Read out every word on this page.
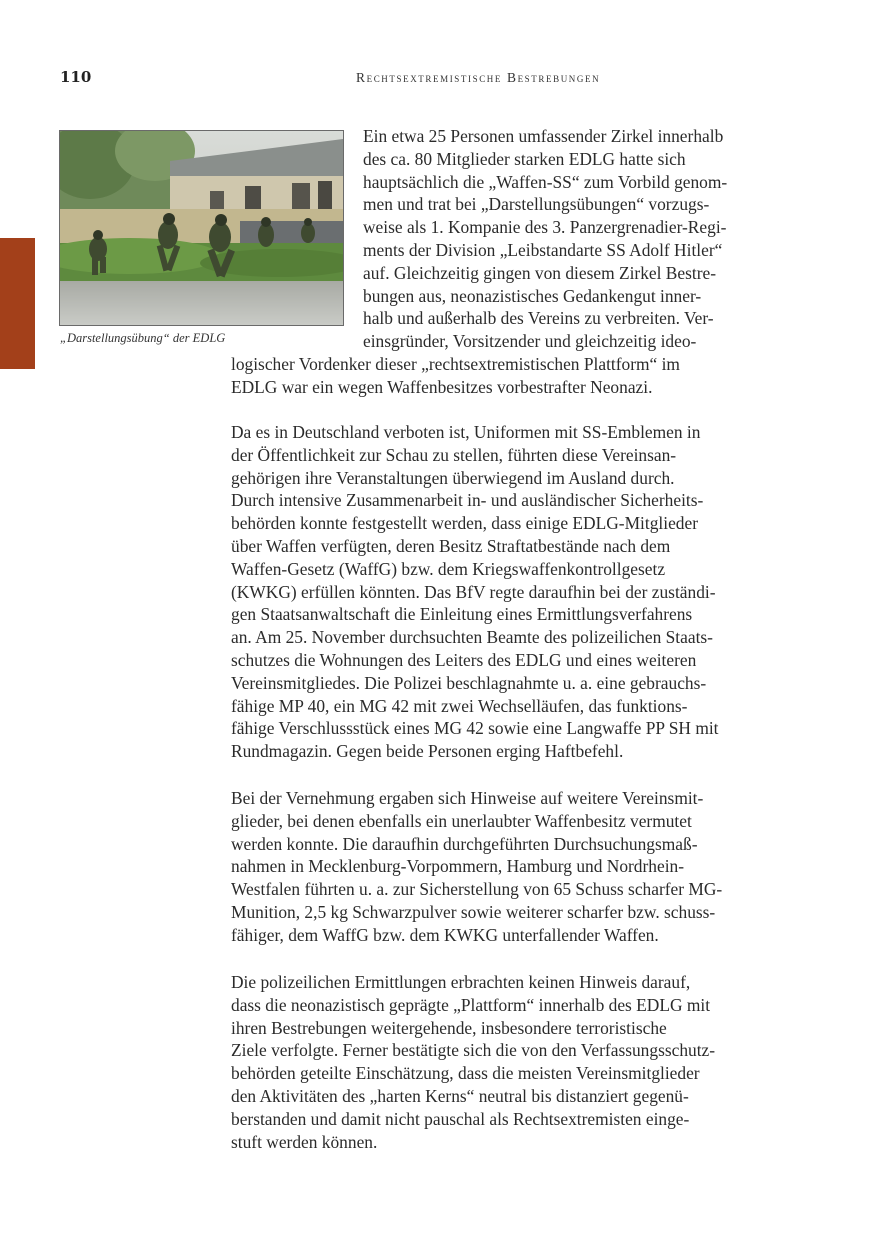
110	Rechtsextremistische Bestrebungen
„Darstellungsübung“ der EDLG
Ein etwa 25 Personen umfassender Zirkel innerhalb
des ca. 80 Mitglieder starken EDLG hatte sich
hauptsächlich die „Waffen-SS“ zum Vorbild genom-
men und trat bei „Darstellungsübungen“ vorzugs-
weise als 1. Kompanie des 3. Panzergrenadier-Regi-
ments der Division „Leibstandarte SS Adolf Hitler“
auf. Gleichzeitig gingen von diesem Zirkel Bestre-
bungen aus, neonazistisches Gedankengut inner-
halb und außerhalb des Vereins zu verbreiten. Ver-
einsgründer, Vorsitzender und gleichzeitig ideo-
logischer Vordenker dieser „rechtsextremistischen Plattform“ im
EDLG war ein wegen Waffenbesitzes vorbestrafter Neonazi.
Da es in Deutschland verboten ist, Uniformen mit SS-Emblemen in
der Öffentlichkeit zur Schau zu stellen, führten diese Vereinsan-
gehörigen ihre Veranstaltungen überwiegend im Ausland durch.
Durch intensive Zusammenarbeit in- und ausländischer Sicherheits-
behörden konnte festgestellt werden, dass einige EDLG-Mitglieder
über Waffen verfügten, deren Besitz Straftatbestände nach dem
Waffen-Gesetz (WaffG) bzw. dem Kriegswaffenkontrollgesetz
(KWKG) erfüllen könnten. Das BfV regte daraufhin bei der zuständi-
gen Staatsanwaltschaft die Einleitung eines Ermittlungsverfahrens
an. Am 25. November durchsuchten Beamte des polizeilichen Staats-
schutzes die Wohnungen des Leiters des EDLG und eines weiteren
Vereinsmitgliedes. Die Polizei beschlagnahmte u. a. eine gebrauchs-
fähige MP 40, ein MG 42 mit zwei Wechselläufen, das funktions-
fähige Verschlussstück eines MG 42 sowie eine Langwaffe PP SH mit
Rundmagazin. Gegen beide Personen erging Haftbefehl.
Bei der Vernehmung ergaben sich Hinweise auf weitere Vereinsmit-
glieder, bei denen ebenfalls ein unerlaubter Waffenbesitz vermutet
werden konnte. Die daraufhin durchgeführten Durchsuchungsmaß-
nahmen in Mecklenburg-Vorpommern, Hamburg und Nordrhein-
Westfalen führten u. a. zur Sicherstellung von 65 Schuss scharfer MG-
Munition, 2,5 kg Schwarzpulver sowie weiterer scharfer bzw. schuss-
fähiger, dem WaffG bzw. dem KWKG unterfallender Waffen.
Die polizeilichen Ermittlungen erbrachten keinen Hinweis darauf,
dass die neonazistisch geprägte „Plattform“ innerhalb des EDLG mit
ihren Bestrebungen weitergehende, insbesondere terroristische
Ziele verfolgte. Ferner bestätigte sich die von den Verfassungsschutz-
behörden geteilte Einschätzung, dass die meisten Vereinsmitglieder
den Aktivitäten des „harten Kerns“ neutral bis distanziert gegenü-
berstanden und damit nicht pauschal als Rechtsextremisten einge-
stuft werden können.
